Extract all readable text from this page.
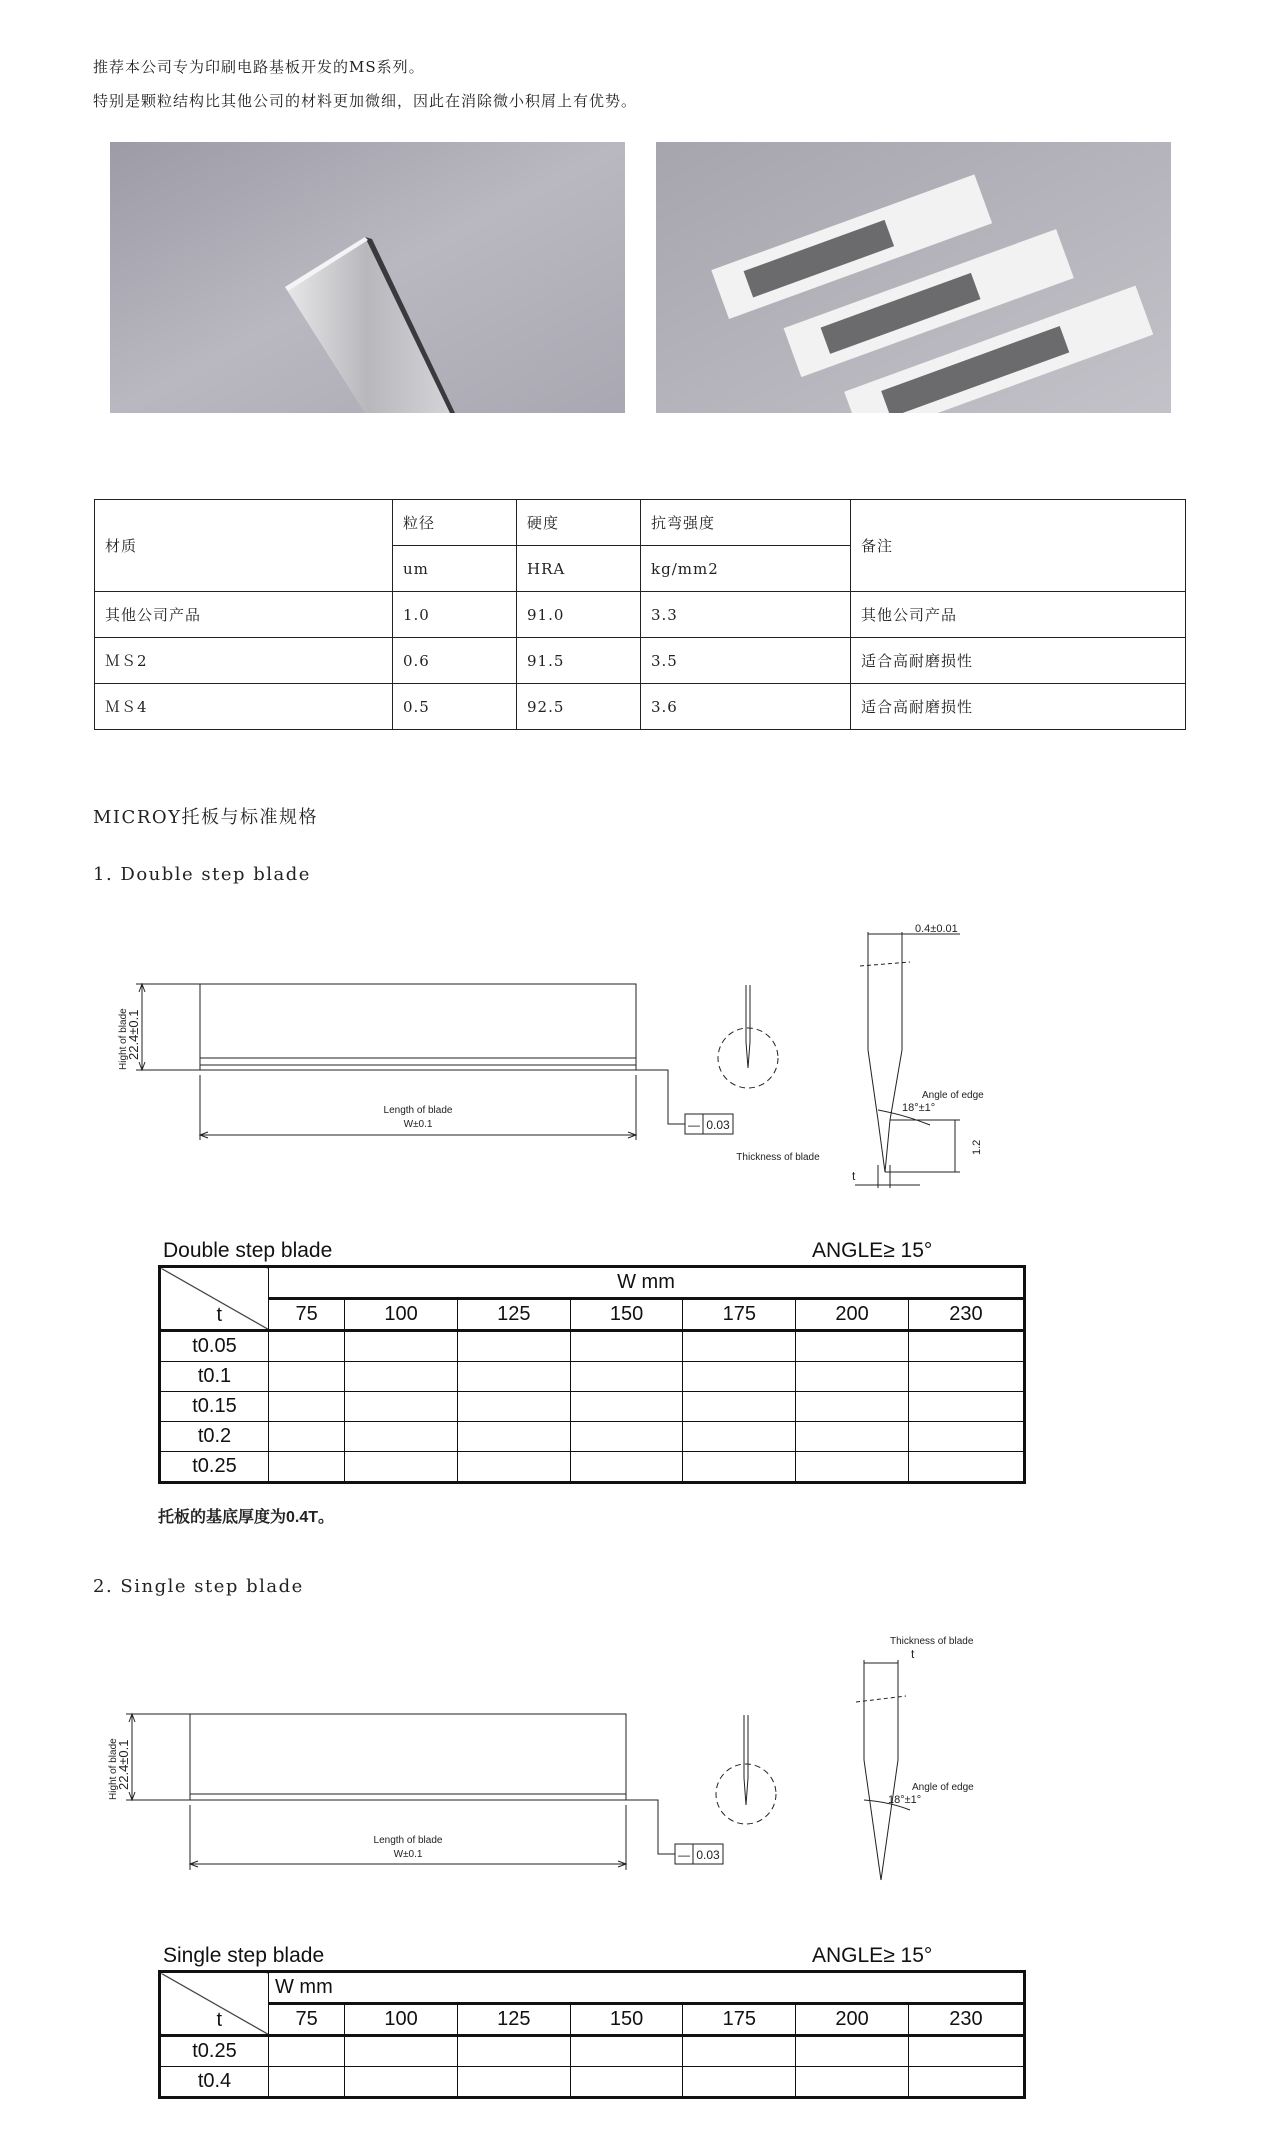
推荐本公司专为印刷电路基板开发的MS系列。
特别是颗粒结构比其他公司的材料更加微细，因此在消除微小积屑上有优势。
材质	粒径	硬度	抗弯强度	备注
	um	HRA	kg/mm2	
其他公司产品	1.0	91.0	3.3	其他公司产品
ＭＳ2	0.6	91.5	3.5	适合高耐磨损性
ＭＳ4	0.5	92.5	3.6	适合高耐磨损性
MICROY托板与标准规格
1. Double step blade
Hight of blade
22.4±0.1
Length of blade
W±0.1	— 0.03
0.4±0.01
Angle of edge
18°±1°
1.2
Thickness of blade
t
Double step blade	ANGLE≥ 15°
t	W mm						
	75	100	125	150	175	200	230
t0.05							
t0.1							
t0.15							
t0.2							
t0.25							
托板的基底厚度为0.4T。
2. Single step blade
Hight of blade
22.4±0.1
Length of blade
W±0.1	— 0.03
Thickness of blade
t
Angle of edge
18°±1°
Single step blade	ANGLE≥ 15°
t	W mm						
	75	100	125	150	175	200	230
t0.25							
t0.4							
